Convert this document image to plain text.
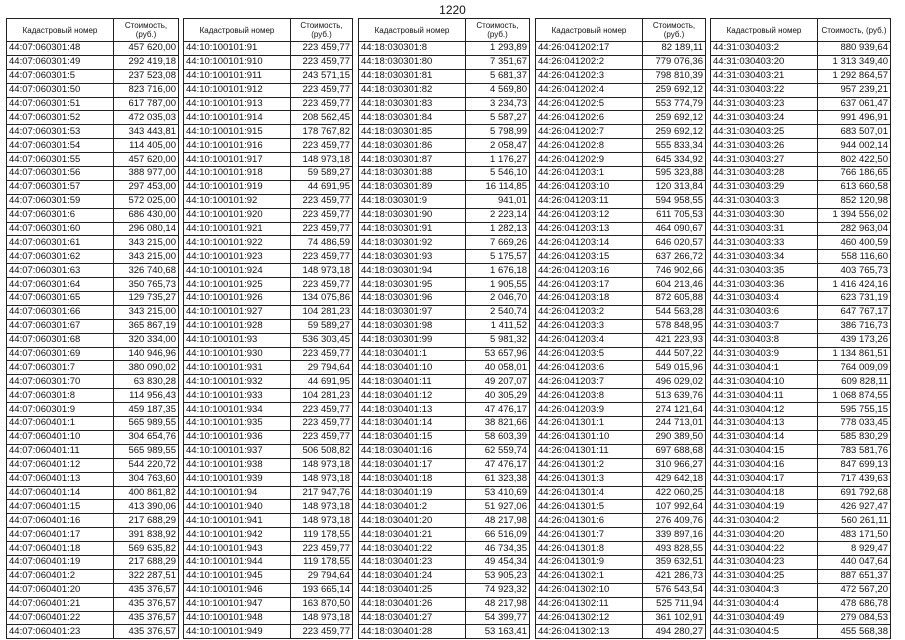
1220
Кадастровый номер	Стоимость, (руб.)
44:07:060301:48	457 620,00
44:07:060301:49	292 419,18
44:07:060301:5	237 523,08
44:07:060301:50	823 716,00
44:07:060301:51	617 787,00
44:07:060301:52	472 035,03
44:07:060301:53	343 443,81
44:07:060301:54	114 405,00
44:07:060301:55	457 620,00
44:07:060301:56	388 977,00
44:07:060301:57	297 453,00
44:07:060301:59	572 025,00
44:07:060301:6	686 430,00
44:07:060301:60	296 080,14
44:07:060301:61	343 215,00
44:07:060301:62	343 215,00
44:07:060301:63	326 740,68
44:07:060301:64	350 765,73
44:07:060301:65	129 735,27
44:07:060301:66	343 215,00
44:07:060301:67	365 867,19
44:07:060301:68	320 334,00
44:07:060301:69	140 946,96
44:07:060301:7	380 090,02
44:07:060301:70	63 830,28
44:07:060301:8	114 956,43
44:07:060301:9	459 187,35
44:07:060401:1	565 989,55
44:07:060401:10	304 654,76
44:07:060401:11	565 989,55
44:07:060401:12	544 220,72
44:07:060401:13	304 763,60
44:07:060401:14	400 861,82
44:07:060401:15	413 390,06
44:07:060401:16	217 688,29
44:07:060401:17	391 838,92
44:07:060401:18	569 635,82
44:07:060401:19	217 688,29
44:07:060401:2	322 287,51
44:07:060401:20	435 376,57
44:07:060401:21	435 376,57
44:07:060401:22	435 376,57
44:07:060401:23	435 376,57
Кадастровый номер	Стоимость, (руб.)
44:10:100101:91	223 459,77
44:10:100101:910	223 459,77
44:10:100101:911	243 571,15
44:10:100101:912	223 459,77
44:10:100101:913	223 459,77
44:10:100101:914	208 562,45
44:10:100101:915	178 767,82
44:10:100101:916	223 459,77
44:10:100101:917	148 973,18
44:10:100101:918	59 589,27
44:10:100101:919	44 691,95
44:10:100101:92	223 459,77
44:10:100101:920	223 459,77
44:10:100101:921	223 459,77
44:10:100101:922	74 486,59
44:10:100101:923	223 459,77
44:10:100101:924	148 973,18
44:10:100101:925	223 459,77
44:10:100101:926	134 075,86
44:10:100101:927	104 281,23
44:10:100101:928	59 589,27
44:10:100101:93	536 303,45
44:10:100101:930	223 459,77
44:10:100101:931	29 794,64
44:10:100101:932	44 691,95
44:10:100101:933	104 281,23
44:10:100101:934	223 459,77
44:10:100101:935	223 459,77
44:10:100101:936	223 459,77
44:10:100101:937	506 508,82
44:10:100101:938	148 973,18
44:10:100101:939	148 973,18
44:10:100101:94	217 947,76
44:10:100101:940	148 973,18
44:10:100101:941	148 973,18
44:10:100101:942	119 178,55
44:10:100101:943	223 459,77
44:10:100101:944	119 178,55
44:10:100101:945	29 794,64
44:10:100101:946	193 665,14
44:10:100101:947	163 870,50
44:10:100101:948	148 973,18
44:10:100101:949	223 459,77
Кадастровый номер	Стоимость, (руб.)
44:18:030301:8	1 293,89
44:18:030301:80	7 351,67
44:18:030301:81	5 681,37
44:18:030301:82	4 569,80
44:18:030301:83	3 234,73
44:18:030301:84	5 587,27
44:18:030301:85	5 798,99
44:18:030301:86	2 058,47
44:18:030301:87	1 176,27
44:18:030301:88	5 546,10
44:18:030301:89	16 114,85
44:18:030301:9	941,01
44:18:030301:90	2 223,14
44:18:030301:91	1 282,13
44:18:030301:92	7 669,26
44:18:030301:93	5 175,57
44:18:030301:94	1 676,18
44:18:030301:95	1 905,55
44:18:030301:96	2 046,70
44:18:030301:97	2 540,74
44:18:030301:98	1 411,52
44:18:030301:99	5 981,32
44:18:030401:1	53 657,96
44:18:030401:10	40 058,01
44:18:030401:11	49 207,07
44:18:030401:12	40 305,29
44:18:030401:13	47 476,17
44:18:030401:14	38 821,66
44:18:030401:15	58 603,39
44:18:030401:16	62 559,74
44:18:030401:17	47 476,17
44:18:030401:18	61 323,38
44:18:030401:19	53 410,69
44:18:030401:2	51 927,06
44:18:030401:20	48 217,98
44:18:030401:21	66 516,09
44:18:030401:22	46 734,35
44:18:030401:23	49 454,34
44:18:030401:24	53 905,23
44:18:030401:25	74 923,32
44:18:030401:26	48 217,98
44:18:030401:27	54 399,77
44:18:030401:28	53 163,41
Кадастровый номер	Стоимость, (руб.)
44:26:041202:17	82 189,11
44:26:041202:2	779 076,36
44:26:041202:3	798 810,39
44:26:041202:4	259 692,12
44:26:041202:5	553 774,79
44:26:041202:6	259 692,12
44:26:041202:7	259 692,12
44:26:041202:8	555 833,34
44:26:041202:9	645 334,92
44:26:041203:1	595 323,88
44:26:041203:10	120 313,84
44:26:041203:11	594 958,55
44:26:041203:12	611 705,53
44:26:041203:13	464 090,67
44:26:041203:14	646 020,57
44:26:041203:15	637 266,72
44:26:041203:16	746 902,66
44:26:041203:17	604 213,46
44:26:041203:18	872 605,88
44:26:041203:2	544 563,28
44:26:041203:3	578 848,95
44:26:041203:4	421 223,93
44:26:041203:5	444 507,22
44:26:041203:6	549 015,96
44:26:041203:7	496 029,02
44:26:041203:8	513 639,76
44:26:041203:9	274 121,64
44:26:041301:1	244 713,01
44:26:041301:10	290 389,50
44:26:041301:11	697 688,68
44:26:041301:2	310 966,27
44:26:041301:3	429 642,18
44:26:041301:4	422 060,25
44:26:041301:5	107 992,64
44:26:041301:6	276 409,76
44:26:041301:7	339 897,16
44:26:041301:8	493 828,55
44:26:041301:9	359 632,51
44:26:041302:1	421 286,73
44:26:041302:10	576 543,54
44:26:041302:11	525 711,94
44:26:041302:12	361 102,91
44:26:041302:13	494 280,27
Кадастровый номер	Стоимость, (руб.)
44:31:030403:2	880 939,64
44:31:030403:20	1 313 349,40
44:31:030403:21	1 292 864,57
44:31:030403:22	957 239,21
44:31:030403:23	637 061,47
44:31:030403:24	991 496,91
44:31:030403:25	683 507,01
44:31:030403:26	944 002,14
44:31:030403:27	802 422,50
44:31:030403:28	766 186,65
44:31:030403:29	613 660,58
44:31:030403:3	852 120,98
44:31:030403:30	1 394 556,02
44:31:030403:31	282 963,04
44:31:030403:33	460 400,59
44:31:030403:34	558 116,60
44:31:030403:35	403 765,73
44:31:030403:36	1 416 424,16
44:31:030403:4	623 731,19
44:31:030403:6	647 767,17
44:31:030403:7	386 716,73
44:31:030403:8	439 173,26
44:31:030403:9	1 134 861,51
44:31:030404:1	764 009,09
44:31:030404:10	609 828,11
44:31:030404:11	1 068 874,55
44:31:030404:12	595 755,15
44:31:030404:13	778 033,45
44:31:030404:14	585 830,29
44:31:030404:15	783 581,76
44:31:030404:16	847 699,13
44:31:030404:17	717 439,63
44:31:030404:18	691 792,68
44:31:030404:19	426 927,47
44:31:030404:2	560 261,11
44:31:030404:20	483 171,50
44:31:030404:22	8 929,47
44:31:030404:23	440 047,64
44:31:030404:25	887 651,37
44:31:030404:3	472 567,20
44:31:030404:4	478 686,78
44:31:030404:49	279 084,53
44:31:030404:5	455 568,38
